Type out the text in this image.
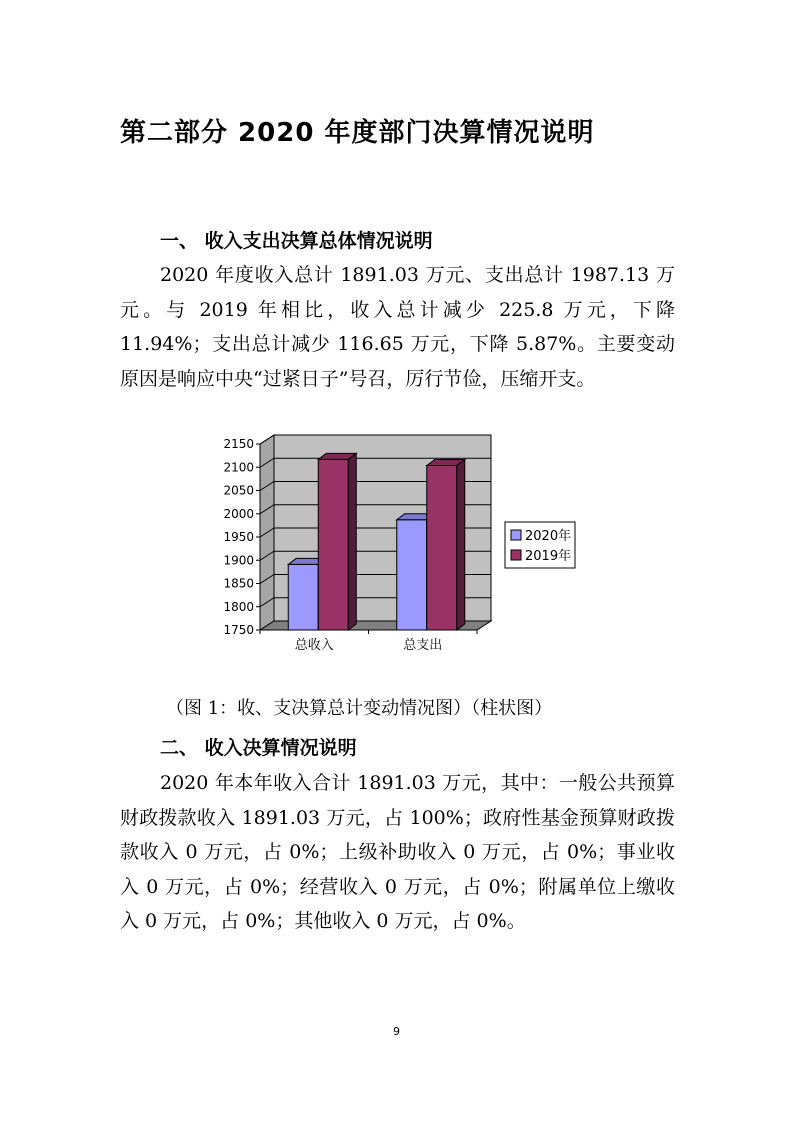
第二部分 2020 年度部门决算情况说明
一、 收入支出决算总体情况说明
2020 年度收入总计 1891.03 万元、支出总计 1987.13 万元。与 2019 年相比，收入总计减少 225.8 万元，下降 11.94%；支出总计减少 116.65 万元，下降 5.87%。主要变动原因是响应中央“过紧日子”号召，厉行节俭，压缩开支。
1750
1800
1850
1900
1950
2000
2050
2100
2150
总收入	总支出
2020年
2019年
（图 1：收、支决算总计变动情况图）（柱状图）
二、 收入决算情况说明
2020 年本年收入合计 1891.03 万元，其中：一般公共预算财政拨款收入 1891.03 万元，占 100%；政府性基金预算财政拨款收入 0 万元，占 0%；上级补助收入 0 万元，占 0%；事业收入 0 万元，占 0%；经营收入 0 万元，占 0%；附属单位上缴收入 0 万元，占 0%；其他收入 0 万元，占 0%。
9
